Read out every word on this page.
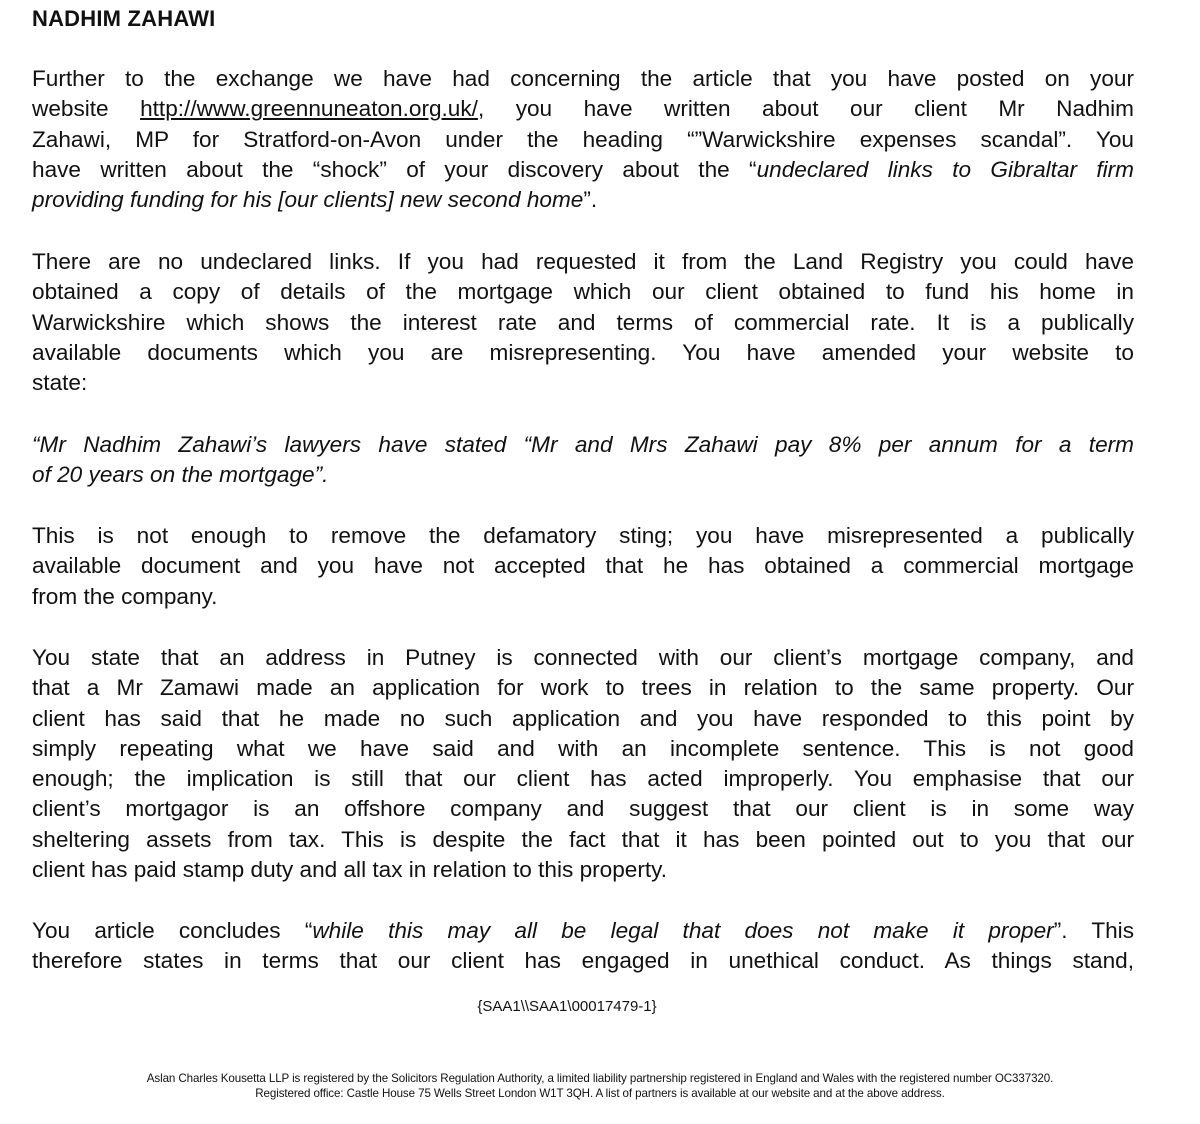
NADHIM ZAHAWI
Further to the exchange we have had concerning the article that you have posted on your
website http://www.greennuneaton.org.uk/, you have written about our client Mr Nadhim
Zahawi, MP for Stratford-on-Avon under the heading “”Warwickshire expenses scandal”. You
have written about the “shock” of your discovery about the “undeclared links to Gibraltar firm
providing funding for his [our clients] new second home”.
There are no undeclared links. If you had requested it from the Land Registry you could have
obtained a copy of details of the mortgage which our client obtained to fund his home in
Warwickshire which shows the interest rate and terms of commercial rate. It is a publically
available documents which you are misrepresenting. You have amended your website to
state:
“Mr Nadhim Zahawi’s lawyers have stated “Mr and Mrs Zahawi pay 8% per annum for a term
of 20 years on the mortgage”.
This is not enough to remove the defamatory sting; you have misrepresented a publically
available document and you have not accepted that he has obtained a commercial mortgage
from the company.
You state that an address in Putney is connected with our client’s mortgage company, and
that a Mr Zamawi made an application for work to trees in relation to the same property. Our
client has said that he made no such application and you have responded to this point by
simply repeating what we have said and with an incomplete sentence. This is not good
enough; the implication is still that our client has acted improperly. You emphasise that our
client’s mortgagor is an offshore company and suggest that our client is in some way
sheltering assets from tax. This is despite the fact that it has been pointed out to you that our
client has paid stamp duty and all tax in relation to this property.
You article concludes “while this may all be legal that does not make it proper”. This
therefore states in terms that our client has engaged in unethical conduct. As things stand,

{SAA1\\SAA1\00017479-1}

Aslan Charles Kousetta LLP is registered by the Solicitors Regulation Authority, a limited liability partnership registered in England and Wales with the registered number OC337320.
Registered office: Castle House 75 Wells Street London W1T 3QH. A list of partners is available at our website and at the above address.
